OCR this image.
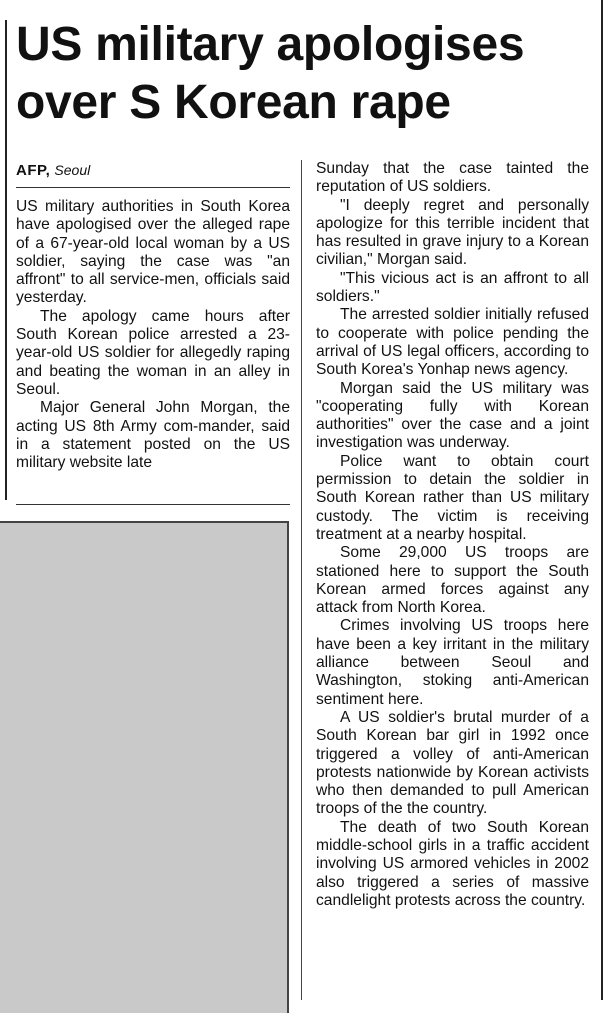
US military apologises over S Korean rape
AFP, Seoul

US military authorities in South Korea have apologised over the alleged rape of a 67-year-old local woman by a US soldier, saying the case was "an affront" to all service-men, officials said yesterday.

The apology came hours after South Korean police arrested a 23-year-old US soldier for allegedly raping and beating the woman in an alley in Seoul.

Major General John Morgan, the acting US 8th Army com-mander, said in a statement posted on the US military website late

Sunday that the case tainted the reputation of US soldiers.

"I deeply regret and personally apologize for this terrible incident that has resulted in grave injury to a Korean civilian," Morgan said.

"This vicious act is an affront to all soldiers."

The arrested soldier initially refused to cooperate with police pending the arrival of US legal officers, according to South Korea's Yonhap news agency.

Morgan said the US military was "cooperating fully with Korean authorities" over the case and a joint investigation was underway.

Police want to obtain court permission to detain the soldier in South Korean rather than US military custody. The victim is receiving treatment at a nearby hospital.

Some 29,000 US troops are stationed here to support the South Korean armed forces against any attack from North Korea.

Crimes involving US troops here have been a key irritant in the military alliance between Seoul and Washington, stoking anti-American sentiment here.

A US soldier's brutal murder of a South Korean bar girl in 1992 once triggered a volley of anti-American protests nationwide by Korean activists who then demanded to pull American troops of the the country.

The death of two South Korean middle-school girls in a traffic accident involving US armored vehicles in 2002 also triggered a series of massive candlelight protests across the country.
